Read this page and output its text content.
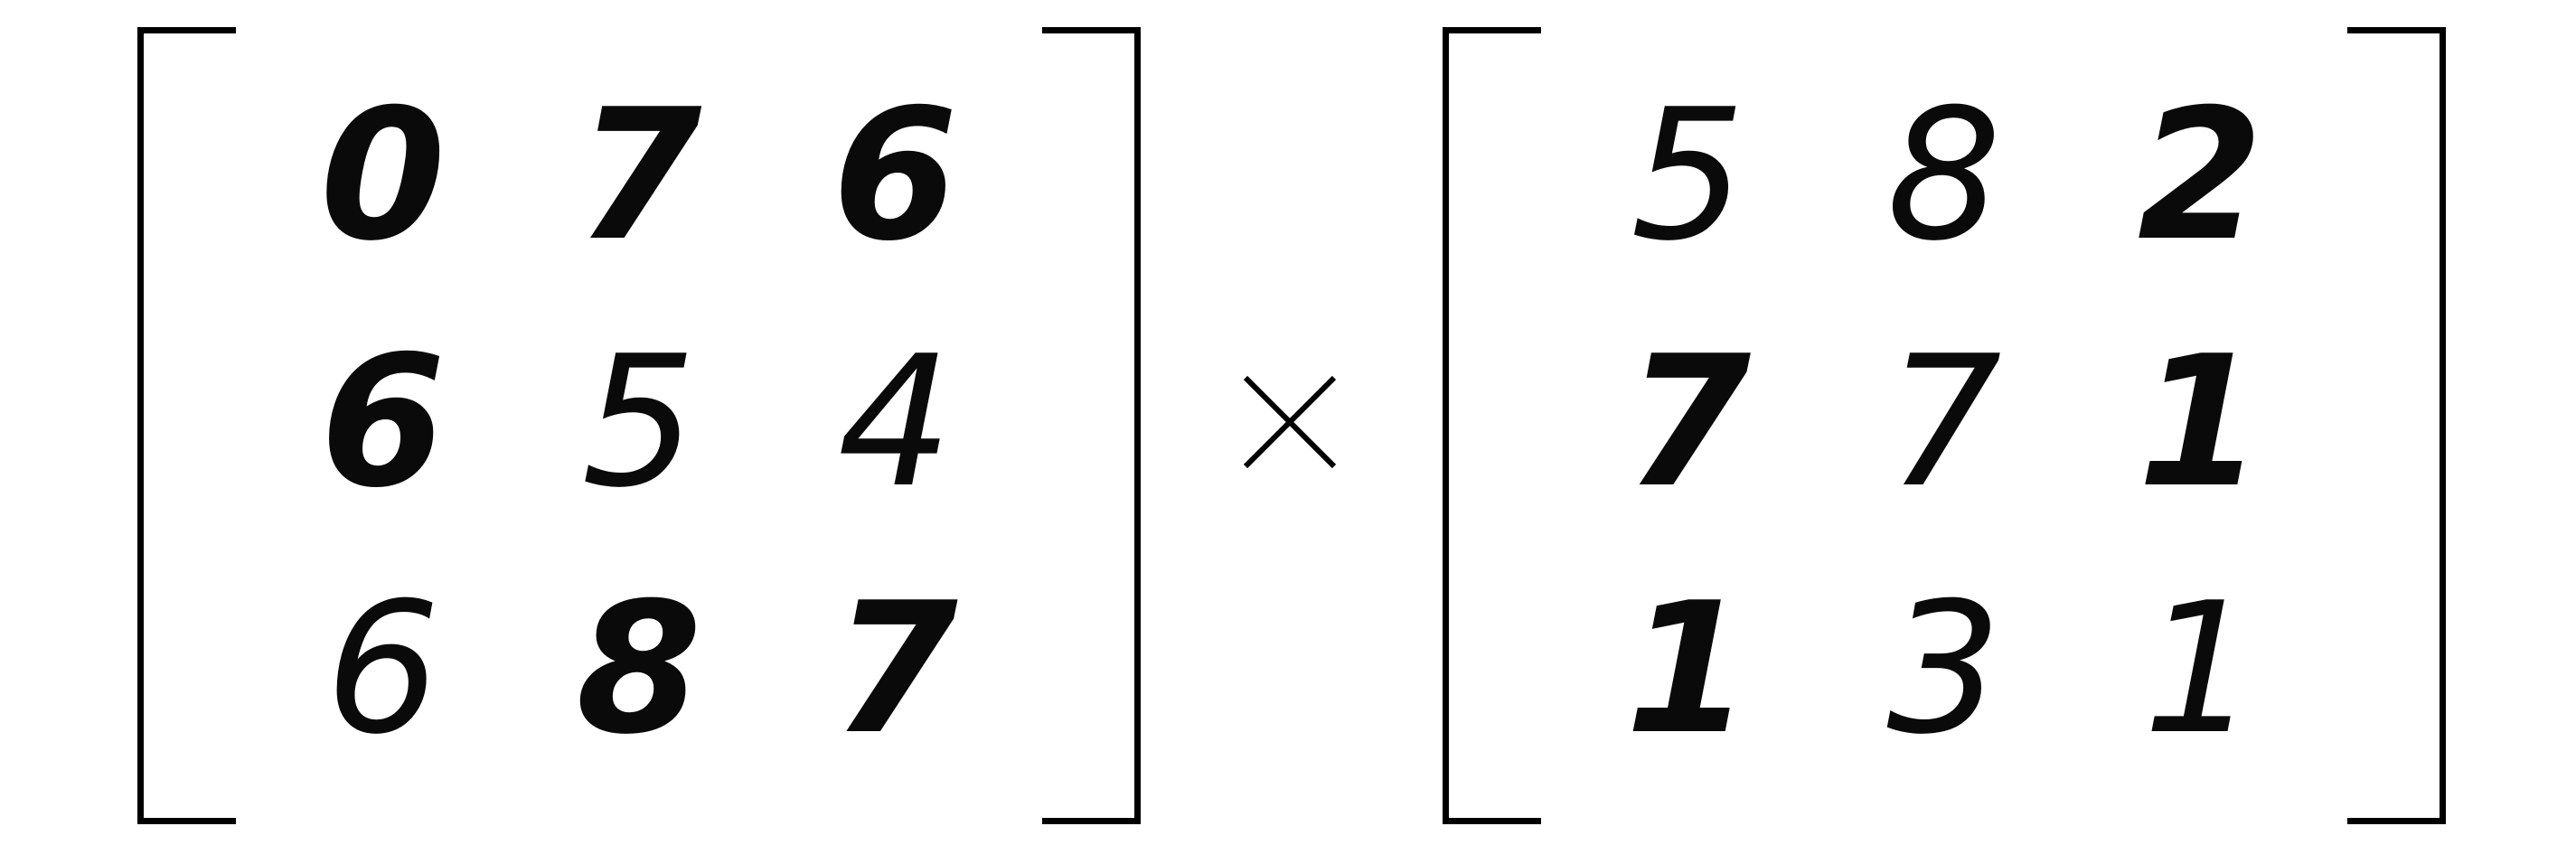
0 7 6
6 5 4
6 8 7
5 8 2
7 7 1
1 3 1
